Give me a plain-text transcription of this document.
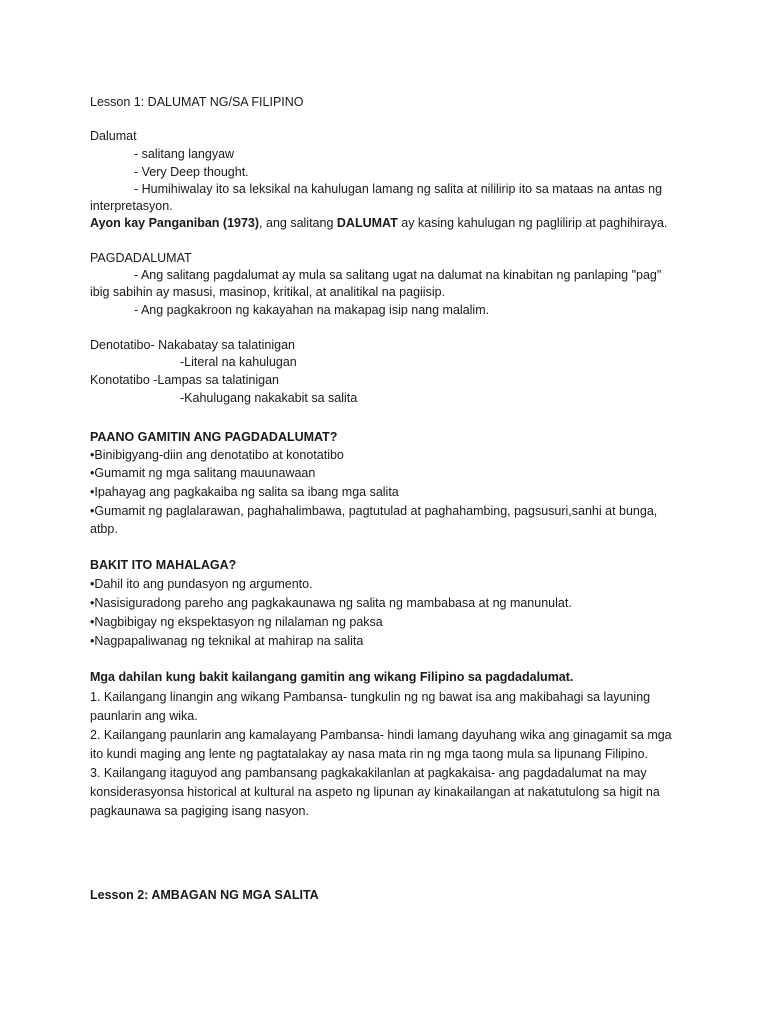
Lesson 1: DALUMAT NG/SA FILIPINO
Dalumat
- salitang langyaw
- Very Deep thought.
- Humihiwalay ito sa leksikal na kahulugan lamang ng salita at nililirip ito sa mataas na antas ng
interpretasyon.
Ayon kay Panganiban (1973), ang salitang DALUMAT ay kasing kahulugan ng paglilirip at paghihiraya.
PAGDADALUMAT
- Ang salitang pagdalumat ay mula sa salitang ugat na dalumat na kinabitan ng panlaping "pag"
ibig sabihin ay masusi, masinop, kritikal, at analitikal na pagiisip.
- Ang pagkakroon ng kakayahan na makapag isip nang malalim.
Denotatibo- Nakabatay sa talatinigan
-Literal na kahulugan
Konotatibo -Lampas sa talatinigan
-Kahulugang nakakabit sa salita
PAANO GAMITIN ANG PAGDADALUMAT?
•Binibigyang-diin ang denotatibo at konotatibo
•Gumamit ng mga salitang mauunawaan
•Ipahayag ang pagkakaiba ng salita sa ibang mga salita
•Gumamit ng paglalarawan, paghahalimbawa, pagtutulad at paghahambing, pagsusuri,sanhi at bunga,
atbp.
BAKIT ITO MAHALAGA?
•Dahil ito ang pundasyon ng argumento.
•Nasisiguradong pareho ang pagkakaunawa ng salita ng mambabasa at ng manunulat.
•Nagbibigay ng ekspektasyon ng nilalaman ng paksa
•Nagpapaliwanag ng teknikal at mahirap na salita
Mga dahilan kung bakit kailangang gamitin ang wikang Filipino sa pagdadalumat.
1. Kailangang linangin ang wikang Pambansa- tungkulin ng ng bawat isa ang makibahagi sa layuning
paunlarin ang wika.
2. Kailangang paunlarin ang kamalayang Pambansa- hindi lamang dayuhang wika ang ginagamit sa mga
ito kundi maging ang lente ng pagtatalakay ay nasa mata rin ng mga taong mula sa lipunang Filipino.
3. Kailangang itaguyod ang pambansang pagkakakilanlan at pagkakaisa- ang pagdadalumat na may
konsiderasyonsa historical at kultural na aspeto ng lipunan ay kinakailangan at nakatutulong sa higit na
pagkaunawa sa pagiging isang nasyon.
Lesson 2: AMBAGAN NG MGA SALITA
